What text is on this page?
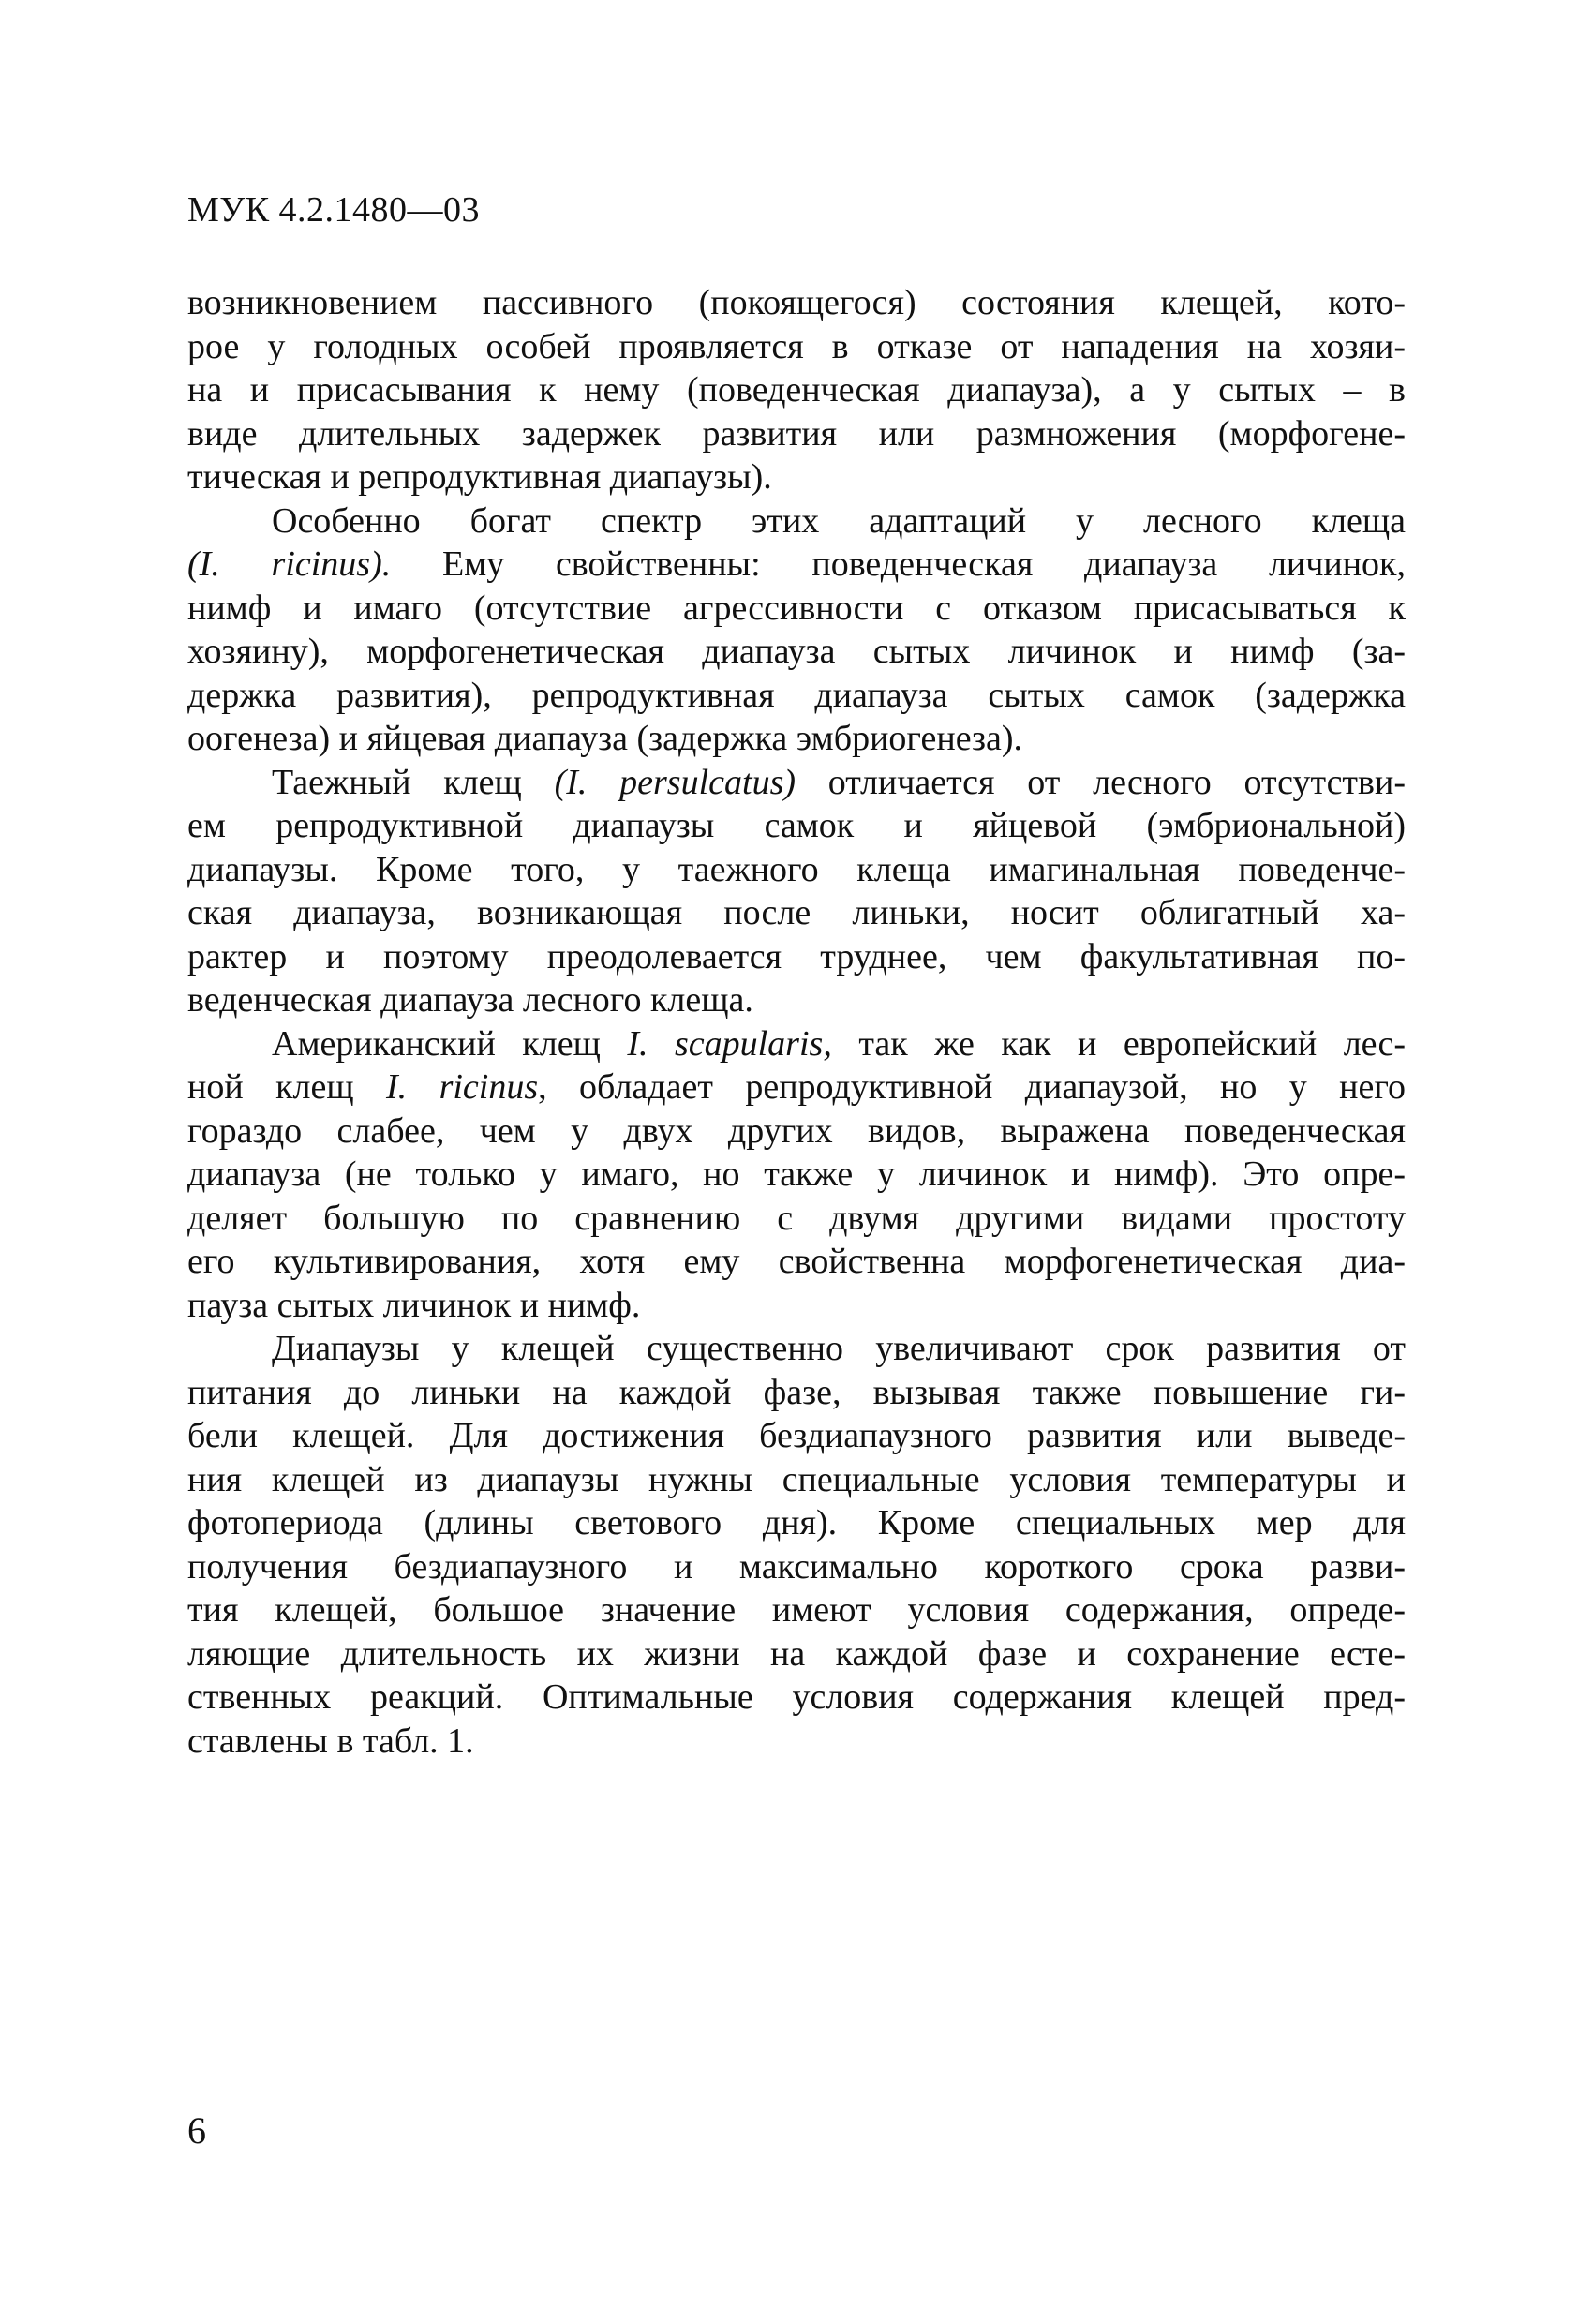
МУК 4.2.1480—03
возникновением пассивного (покоящегося) состояния клещей, кото-
рое у голодных особей проявляется в отказе от нападения на хозяи-
на и присасывания к нему (поведенческая диапауза), а у сытых – в
виде длительных задержек развития или размножения (морфогене-
тическая и репродуктивная диапаузы).
Особенно богат спектр этих адаптаций у лесного клеща
(I. ricinus). Ему свойственны: поведенческая диапауза личинок,
нимф и имаго (отсутствие агрессивности с отказом присасываться к
хозяину), морфогенетическая диапауза сытых личинок и нимф (за-
держка развития), репродуктивная диапауза сытых самок (задержка
оогенеза) и яйцевая диапауза (задержка эмбриогенеза).
Таежный клещ (I. persulcatus) отличается от лесного отсутстви-
ем репродуктивной диапаузы самок и яйцевой (эмбриональной)
диапаузы. Кроме того, у таежного клеща имагинальная поведенче-
ская диапауза, возникающая после линьки, носит облигатный ха-
рактер и поэтому преодолевается труднее, чем факультативная по-
веденческая диапауза лесного клеща.
Американский клещ I. scapularis, так же как и европейский лес-
ной клещ I. ricinus, обладает репродуктивной диапаузой, но у него
гораздо слабее, чем у двух других видов, выражена поведенческая
диапауза (не только у имаго, но также у личинок и нимф). Это опре-
деляет большую по сравнению с двумя другими видами простоту
его культивирования, хотя ему свойственна морфогенетическая диа-
пауза сытых личинок и нимф.
Диапаузы у клещей существенно увеличивают срок развития от
питания до линьки на каждой фазе, вызывая также повышение ги-
бели клещей. Для достижения бездиапаузного развития или выведе-
ния клещей из диапаузы нужны специальные условия температуры и
фотопериода (длины светового дня). Кроме специальных мер для
получения бездиапаузного и максимально короткого срока разви-
тия клещей, большое значение имеют условия содержания, опреде-
ляющие длительность их жизни на каждой фазе и сохранение есте-
ственных реакций. Оптимальные условия содержания клещей пред-
ставлены в табл. 1.
6
